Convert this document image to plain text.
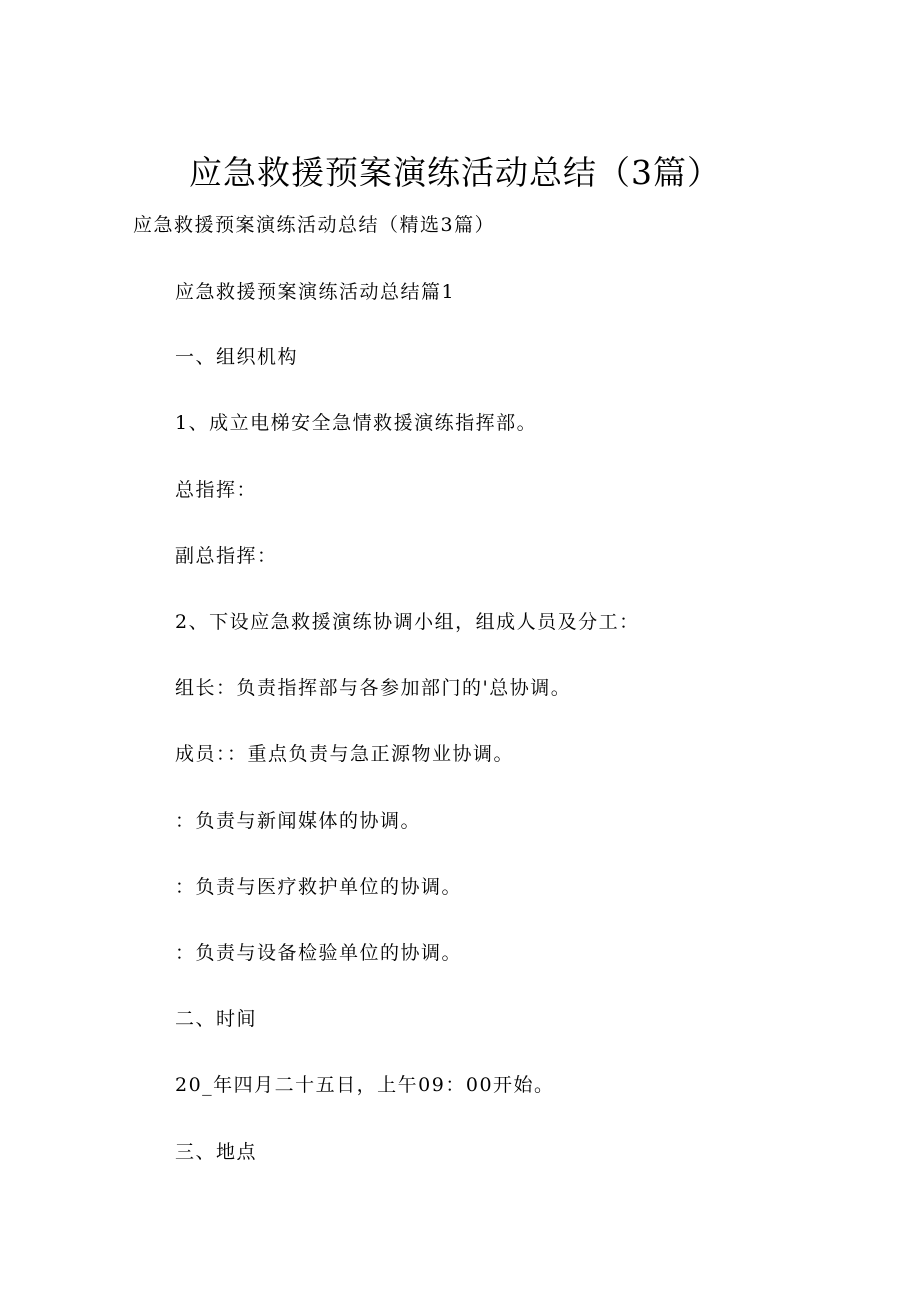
应急救援预案演练活动总结（3篇）
应急救援预案演练活动总结（精选3篇）
应急救援预案演练活动总结篇1
一、组织机构
1、成立电梯安全急情救援演练指挥部。
总指挥：
副总指挥：
2、下设应急救援演练协调小组，组成人员及分工：
组长：负责指挥部与各参加部门的'总协调。
成员：：重点负责与急正源物业协调。
：负责与新闻媒体的协调。
：负责与医疗救护单位的协调。
：负责与设备检验单位的协调。
二、时间
20_年四月二十五日，上午09：00开始。
三、地点
